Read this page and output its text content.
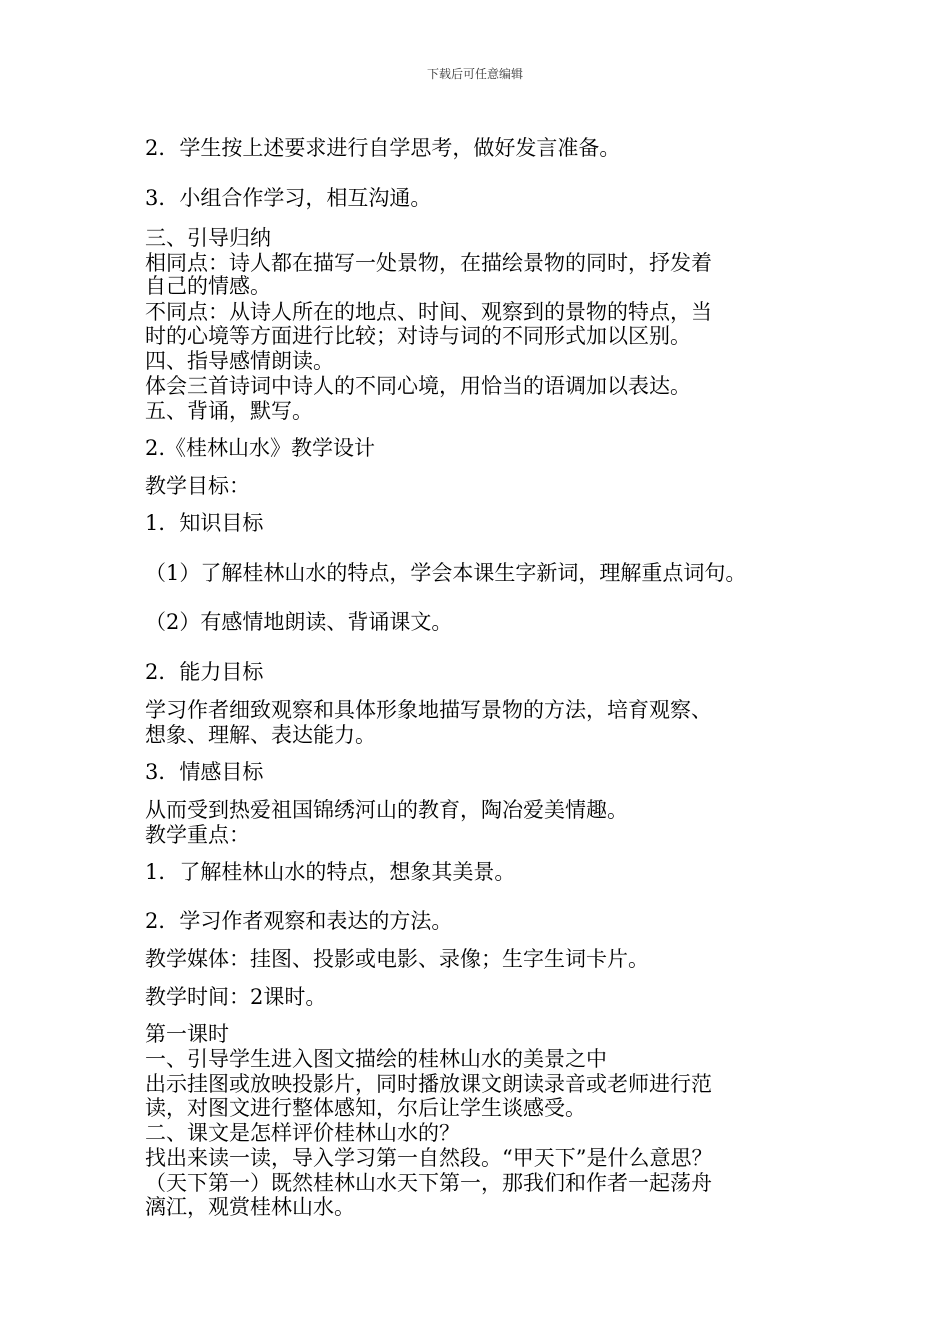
下载后可任意编辑
2．学生按上述要求进行自学思考，做好发言准备。
3．小组合作学习，相互沟通。
三、引导归纳
相同点：诗人都在描写一处景物，在描绘景物的同时，抒发着
自己的情感。
不同点：从诗人所在的地点、时间、观察到的景物的特点，当
时的心境等方面进行比较；对诗与词的不同形式加以区别。
四、指导感情朗读。
体会三首诗词中诗人的不同心境，用恰当的语调加以表达。
五、背诵，默写。
2.《桂林山水》教学设计
教学目标：
1．知识目标
（1）了解桂林山水的特点，学会本课生字新词，理解重点词句。
（2）有感情地朗读、背诵课文。
2．能力目标
学习作者细致观察和具体形象地描写景物的方法，培育观察、
想象、理解、表达能力。
3．情感目标
从而受到热爱祖国锦绣河山的教育，陶冶爱美情趣。
教学重点：
1．了解桂林山水的特点，想象其美景。
2．学习作者观察和表达的方法。
教学媒体：挂图、投影或电影、录像；生字生词卡片。
教学时间：2课时。
第一课时
一、引导学生进入图文描绘的桂林山水的美景之中
出示挂图或放映投影片，同时播放课文朗读录音或老师进行范
读，对图文进行整体感知，尔后让学生谈感受。
二、课文是怎样评价桂林山水的？
找出来读一读，导入学习第一自然段。“甲天下”是什么意思？
（天下第一）既然桂林山水天下第一，那我们和作者一起荡舟
漓江，观赏桂林山水。
